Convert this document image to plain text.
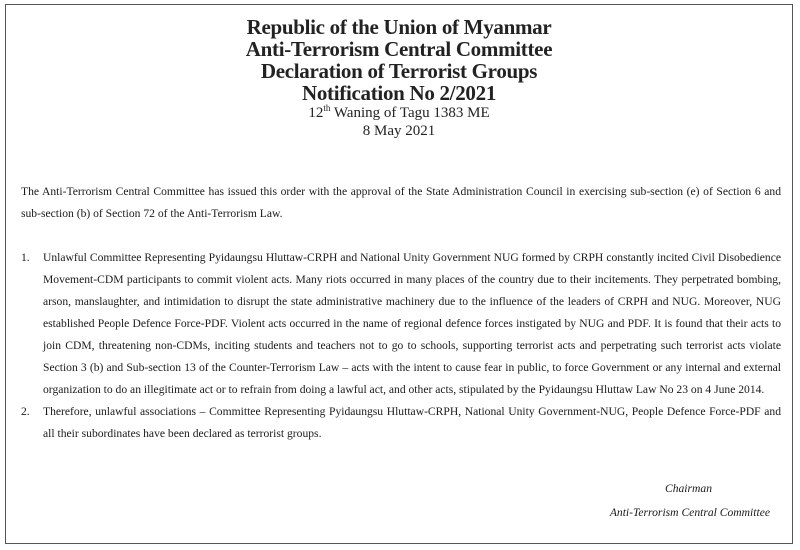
Republic of the Union of Myanmar
Anti-Terrorism Central Committee
Declaration of Terrorist Groups
Notification No 2/2021
12th Waning of Tagu 1383 ME
8 May 2021
The Anti-Terrorism Central Committee has issued this order with the approval of the State Administration Council in exercising sub-section (e) of Section 6 and sub-section (b) of Section 72 of the Anti-Terrorism Law.
1. Unlawful Committee Representing Pyidaungsu Hluttaw-CRPH and National Unity Government NUG formed by CRPH constantly incited Civil Disobedience Movement-CDM participants to commit violent acts. Many riots occurred in many places of the country due to their incitements. They perpetrated bombing, arson, manslaughter, and intimidation to disrupt the state administrative machinery due to the influence of the leaders of CRPH and NUG. Moreover, NUG established People Defence Force-PDF. Violent acts occurred in the name of regional defence forces instigated by NUG and PDF. It is found that their acts to join CDM, threatening non-CDMs, inciting students and teachers not to go to schools, supporting terrorist acts and perpetrating such terrorist acts violate Section 3 (b) and Sub-section 13 of the Counter-Terrorism Law – acts with the intent to cause fear in public, to force Government or any internal and external organization to do an illegitimate act or to refrain from doing a lawful act, and other acts, stipulated by the Pyidaungsu Hluttaw Law No 23 on 4 June 2014.
2. Therefore, unlawful associations – Committee Representing Pyidaungsu Hluttaw-CRPH, National Unity Government-NUG, People Defence Force-PDF and all their subordinates have been declared as terrorist groups.
Chairman
Anti-Terrorism Central Committee
